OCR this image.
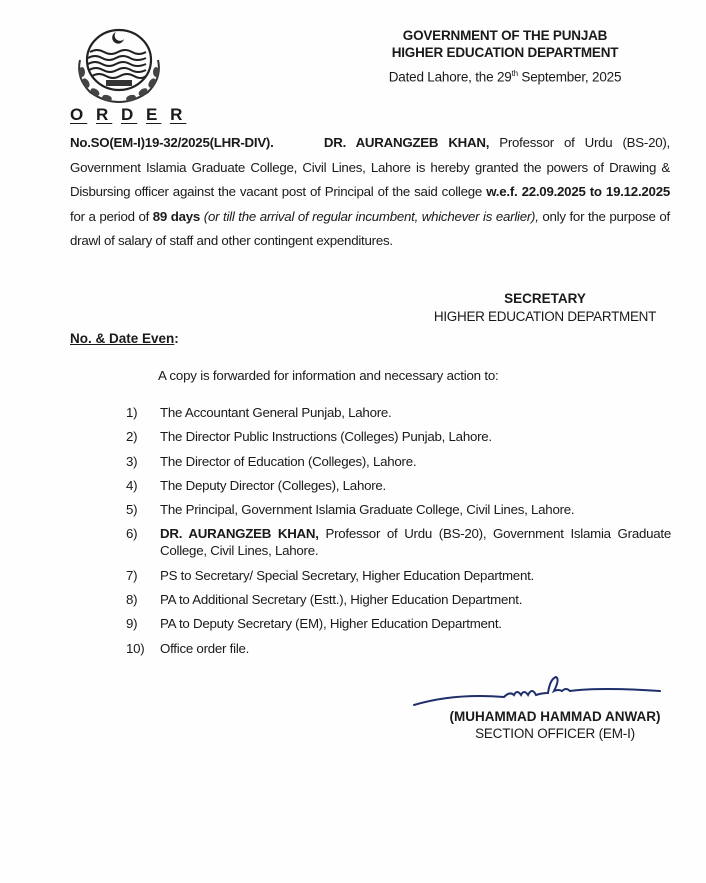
GOVERNMENT OF THE PUNJAB
HIGHER EDUCATION DEPARTMENT
Dated Lahore, the 29th September, 2025
O R D E R
No.SO(EM-I)19-32/2025(LHR-DIV).	DR. AURANGZEB KHAN, Professor of Urdu (BS-20), Government Islamia Graduate College, Civil Lines, Lahore is hereby granted the powers of Drawing & Disbursing officer against the vacant post of Principal of the said college w.e.f. 22.09.2025 to 19.12.2025 for a period of 89 days (or till the arrival of regular incumbent, whichever is earlier), only for the purpose of drawl of salary of staff and other contingent expenditures.
SECRETARY
HIGHER EDUCATION DEPARTMENT
No. & Date Even:
A copy is forwarded for information and necessary action to:
1)	The Accountant General Punjab, Lahore.
2)	The Director Public Instructions (Colleges) Punjab, Lahore.
3)	The Director of Education (Colleges), Lahore.
4)	The Deputy Director (Colleges), Lahore.
5)	The Principal, Government Islamia Graduate College, Civil Lines, Lahore.
6)	DR. AURANGZEB KHAN, Professor of Urdu (BS-20), Government Islamia Graduate College, Civil Lines, Lahore.
7)	PS to Secretary/ Special Secretary, Higher Education Department.
8)	PA to Additional Secretary (Estt.), Higher Education Department.
9)	PA to Deputy Secretary (EM), Higher Education Department.
10)	Office order file.
(MUHAMMAD HAMMAD ANWAR)
SECTION OFFICER (EM-I)
